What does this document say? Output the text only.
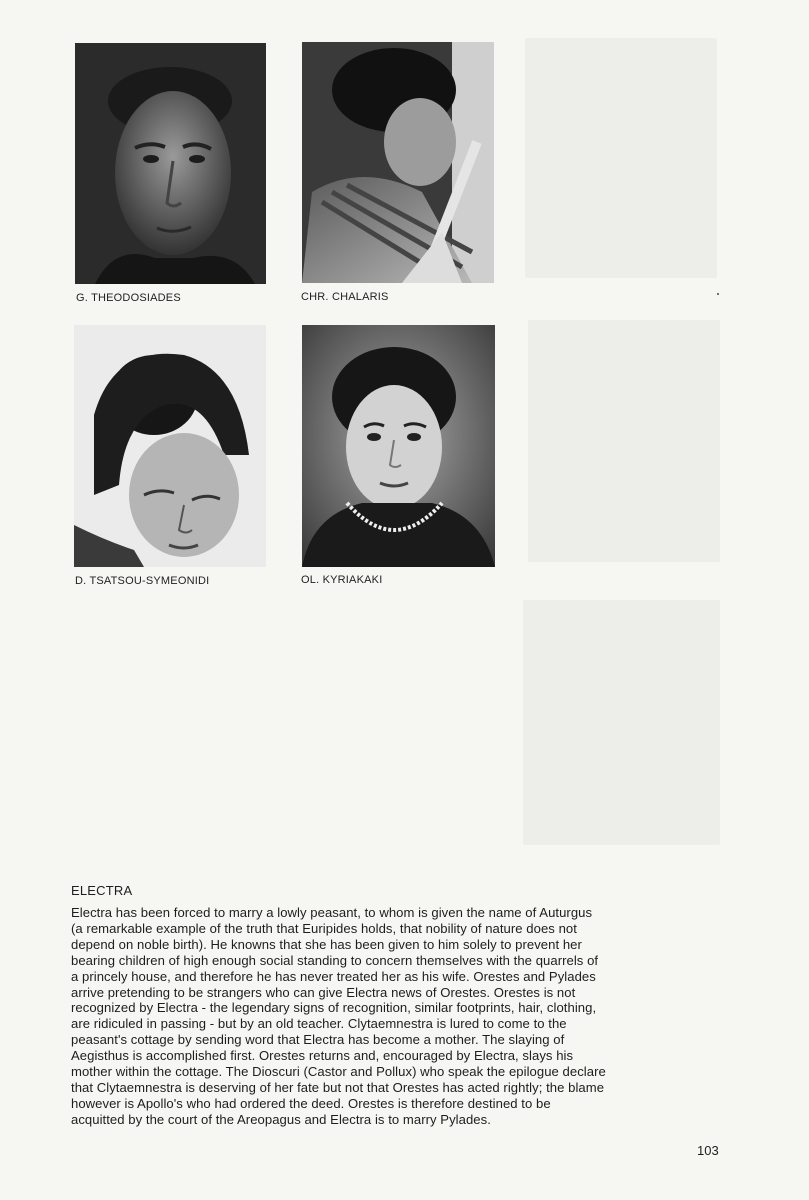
G. THEODOSIADES	CHR. CHALARIS
D. TSATSOU-SYMEONIDI	OL. KYRIAKAKI
ELECTRA
Electra has been forced to marry a lowly peasant, to whom is given the name of Auturgus
(a remarkable example of the truth that Euripides holds, that nobility of nature does not
depend on noble birth). He knowns that she has been given to him solely to prevent her
bearing children of high enough social standing to concern themselves with the quarrels of
a princely house, and therefore he has never treated her as his wife. Orestes and Pylades
arrive pretending to be strangers who can give Electra news of Orestes. Orestes is not
recognized by Electra - the legendary signs of recognition, similar footprints, hair, clothing,
are ridiculed in passing - but by an old teacher. Clytaemnestra is lured to come to the
peasant's cottage by sending word that Electra has become a mother. The slaying of
Aegisthus is accomplished first. Orestes returns and, encouraged by Electra, slays his
mother within the cottage. The Dioscuri (Castor and Pollux) who speak the epilogue declare
that Clytaemnestra is deserving of her fate but not that Orestes has acted rightly; the blame
however is Apollo's who had ordered the deed. Orestes is therefore destined to be
acquitted by the court of the Areopagus and Electra is to marry Pylades.
103
